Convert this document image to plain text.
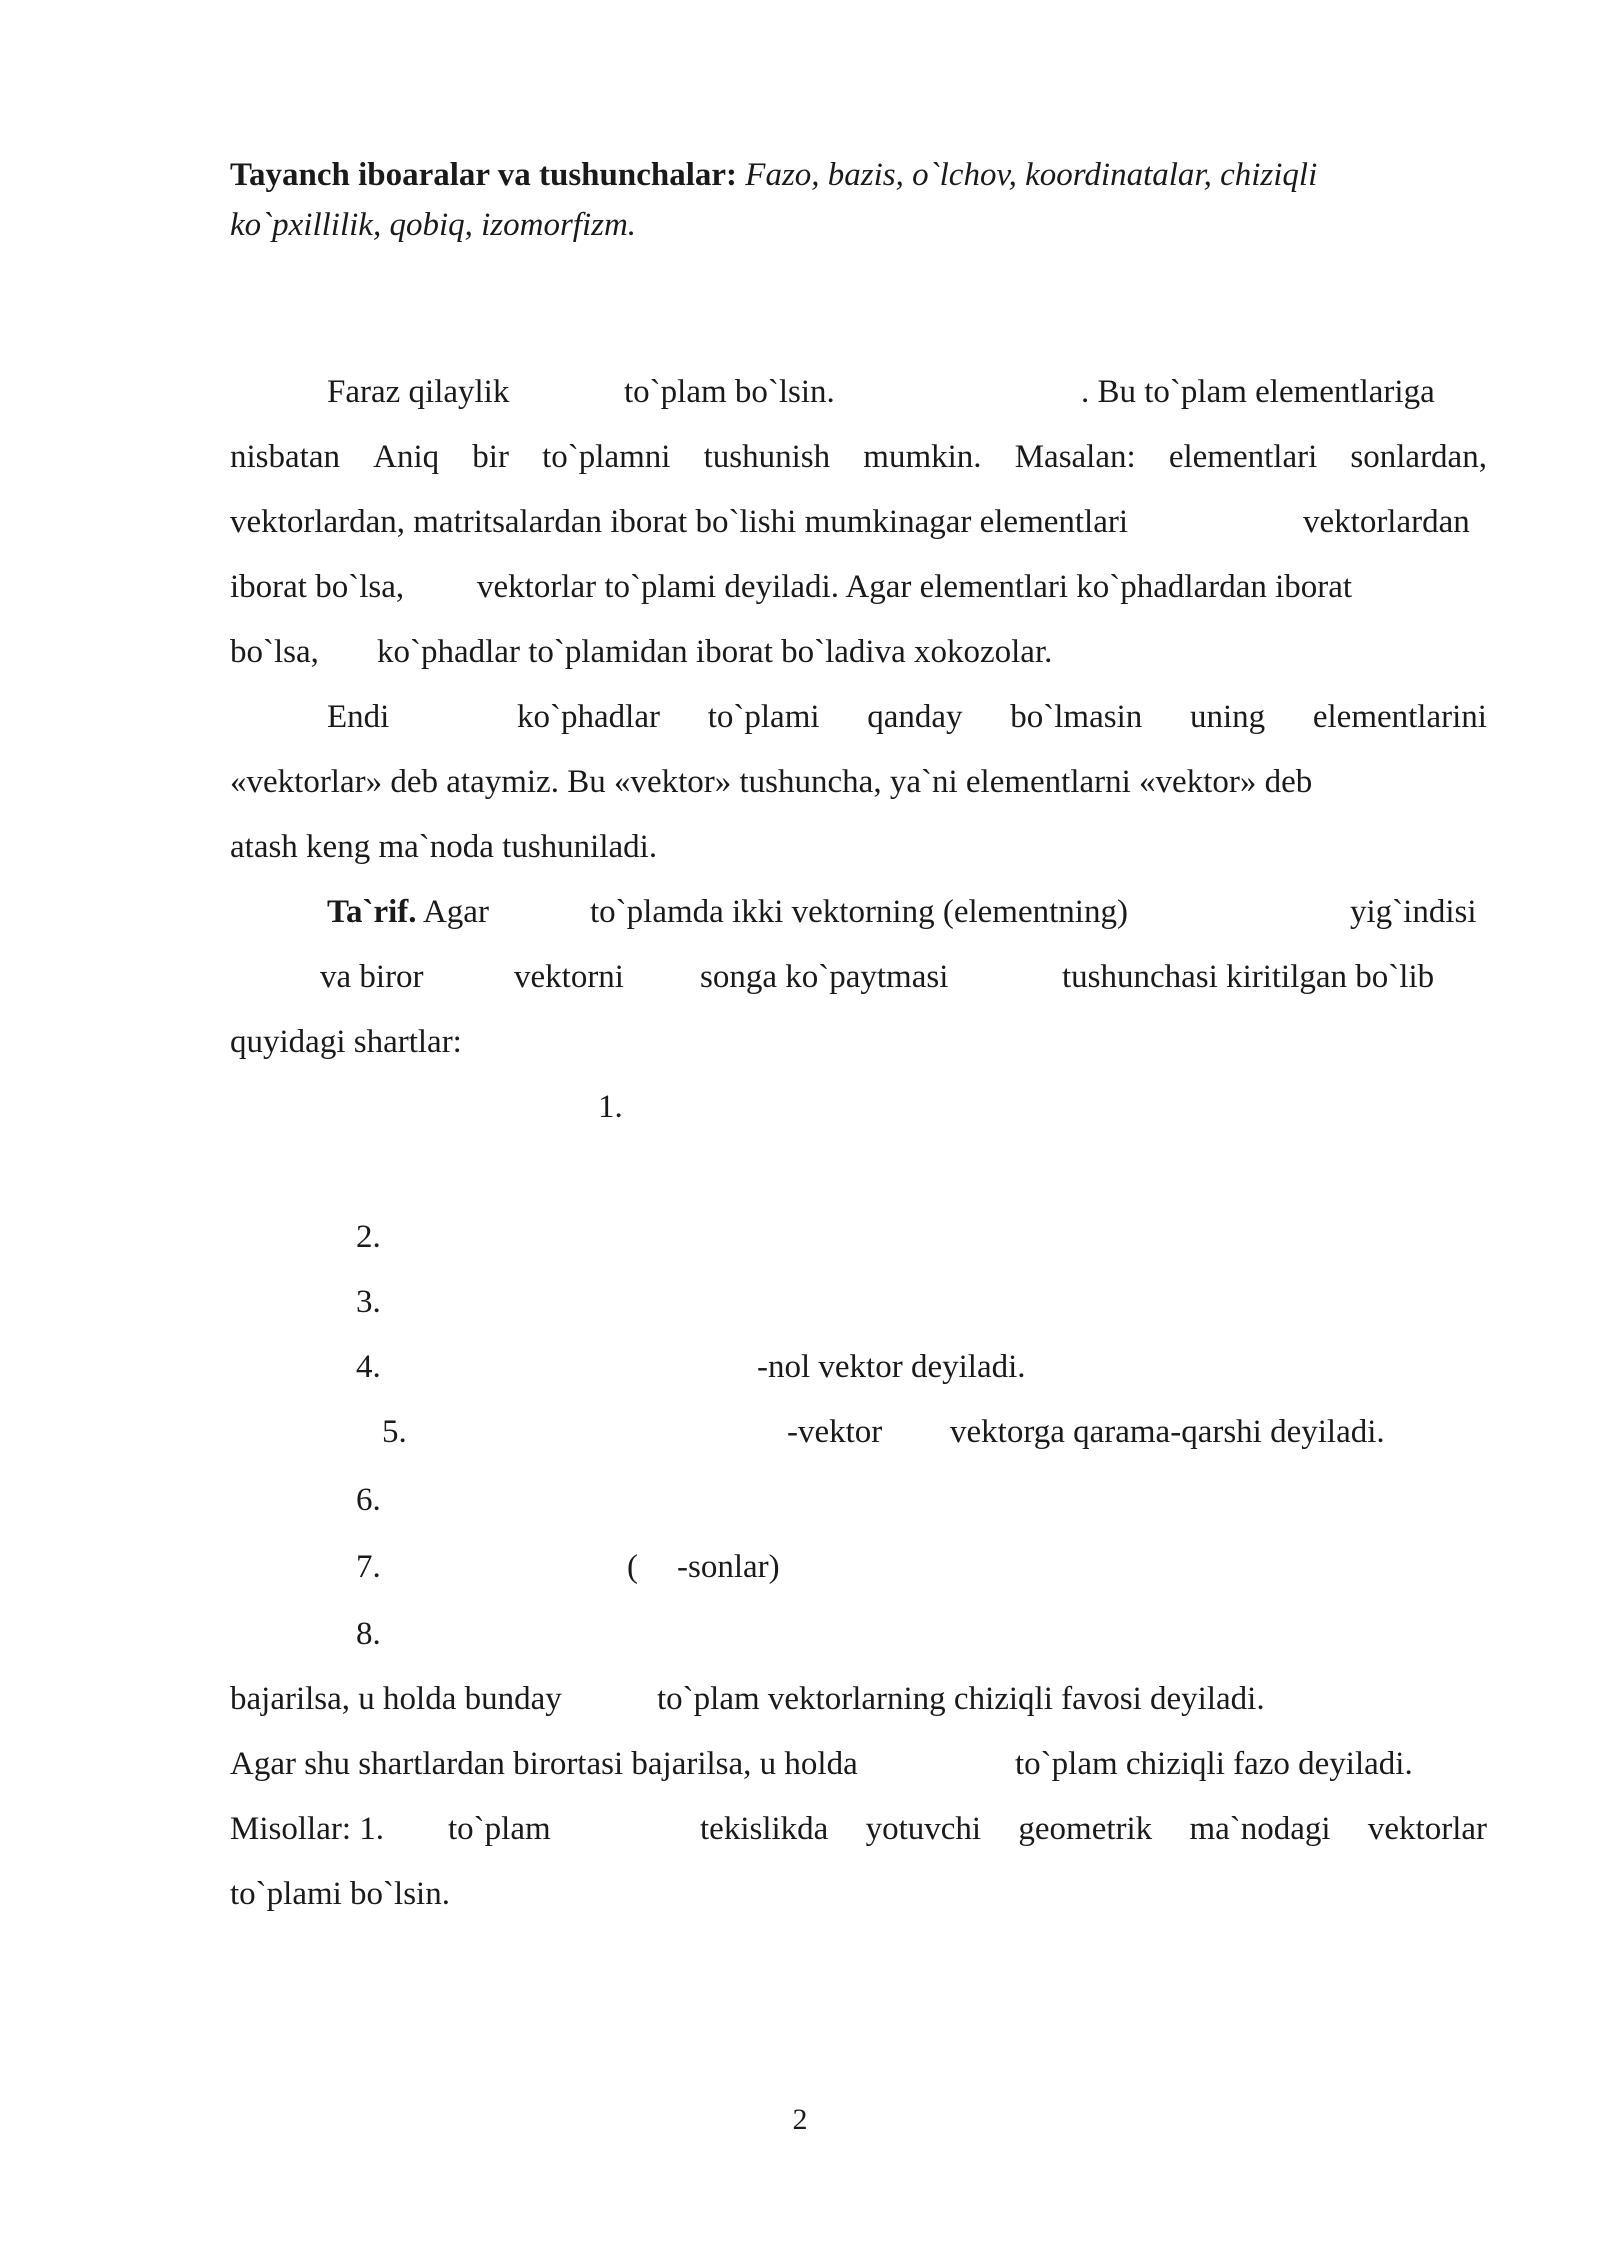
Tayanch iboaralar va tushunchalar: Fazo, bazis, o`lchov, koordinatalar, chiziqli
ko`pxillilik, qobiq, izomorfizm.
Faraz qilaylik	to`plam bo`lsin.	. Bu to`plam elementlariga
nisbatan Aniq bir to`plamni tushunish mumkin. Masalan: elementlari sonlardan,
vektorlardan, matritsalardan iborat bo`lishi mumkinagar elementlari	vektorlardan
iborat bo`lsa, vektorlar to`plami deyiladi. Agar elementlari ko`phadlardan iborat
bo`lsa, ko`phadlar to`plamidan iborat bo`ladiva xokozolar.
Endi	ko`phadlar to`plami qanday bo`lmasin uning elementlarini
«vektorlar» deb ataymiz. Bu «vektor» tushuncha, ya`ni elementlarni «vektor» deb
atash keng ma`noda tushuniladi.
Ta`rif. Agar	to`plamda ikki vektorning (elementning)	yig`indisi
va biror	vektorni songa ko`paytmasi	tushunchasi kiritilgan bo`lib
quyidagi shartlar:
1.
2.
3.
4.	-nol vektor deyiladi.
5.	-vektor vektorga qarama-qarshi deyiladi.
6.
7.	( -sonlar)
8.
bajarilsa, u holda bunday	to`plam vektorlarning chiziqli favosi deyiladi.
Agar shu shartlardan birortasi bajarilsa, u holda	to`plam chiziqli fazo deyiladi.
Misollar: 1. to`plam	tekislikda yotuvchi geometrik ma`nodagi vektorlar
to`plami bo`lsin.
2
